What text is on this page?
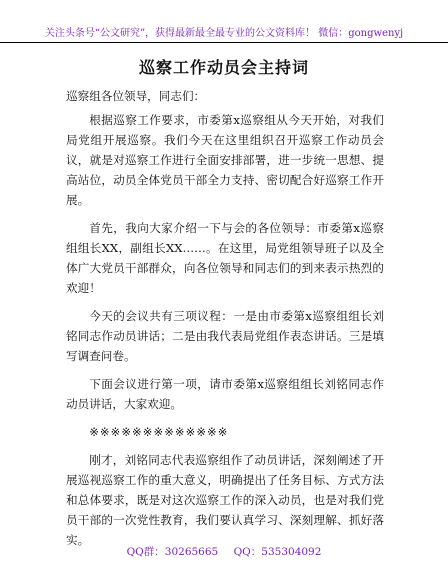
关注头条号“公文研究”，获得最新最全最专业的公文资料库！ 微信：gongwenyj
巡察工作动员会主持词

巡察组各位领导，同志们：

根据巡察工作要求，市委第x巡察组从今天开始，对我们局党组开展巡察。我们今天在这里组织召开巡察工作动员会议，就是对巡察工作进行全面安排部署，进一步统一思想、提高站位，动员全体党员干部全力支持、密切配合好巡察工作开展。

首先，我向大家介绍一下与会的各位领导：市委第x巡察组组长XX，副组长XX……。在这里，局党组领导班子以及全体广大党员干部群众，向各位领导和同志们的到来表示热烈的欢迎！

今天的会议共有三项议程：一是由市委第x巡察组组长刘铭同志作动员讲话；二是由我代表局党组作表态讲话。三是填写调查问卷。

下面会议进行第一项，请市委第x巡察组组长刘铭同志作动员讲话，大家欢迎。

※※※※※※※※※※※※※

刚才，刘铭同志代表巡察组作了动员讲话，深刻阐述了开展巡视巡察工作的重大意义，明确提出了任务目标、方式方法和总体要求，既是对这次巡察工作的深入动员，也是对我们党员干部的一次党性教育，我们要认真学习、深刻理解、抓好落实。

QQ群：30265665 QQ：535304092
